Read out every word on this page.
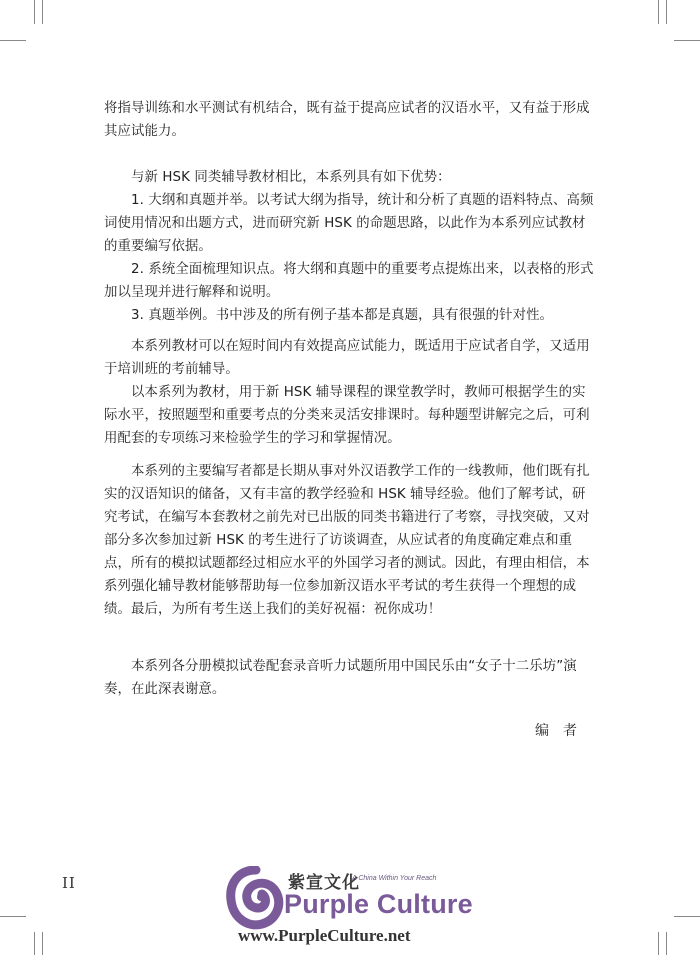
将指导训练和水平测试有机结合，既有益于提高应试者的汉语水平，又有益于形成其应试能力。

与新 HSK 同类辅导教材相比，本系列具有如下优势：

1. 大纲和真题并举。以考试大纲为指导，统计和分析了真题的语料特点、高频词使用情况和出题方式，进而研究新 HSK 的命题思路，以此作为本系列应试教材的重要编写依据。

2. 系统全面梳理知识点。将大纲和真题中的重要考点提炼出来，以表格的形式加以呈现并进行解释和说明。

3. 真题举例。书中涉及的所有例子基本都是真题，具有很强的针对性。

本系列教材可以在短时间内有效提高应试能力，既适用于应试者自学，又适用于培训班的考前辅导。

以本系列为教材，用于新 HSK 辅导课程的课堂教学时，教师可根据学生的实际水平，按照题型和重要考点的分类来灵活安排课时。每种题型讲解完之后，可利用配套的专项练习来检验学生的学习和掌握情况。

本系列的主要编写者都是长期从事对外汉语教学工作的一线教师，他们既有扎实的汉语知识的储备，又有丰富的教学经验和 HSK 辅导经验。他们了解考试，研究考试，在编写本套教材之前先对已出版的同类书籍进行了考察，寻找突破，又对部分多次参加过新 HSK 的考生进行了访谈调查，从应试者的角度确定难点和重点，所有的模拟试题都经过相应水平的外国学习者的测试。因此，有理由相信，本系列强化辅导教材能够帮助每一位参加新汉语水平考试的考生获得一个理想的成绩。最后，为所有考生送上我们的美好祝福：祝你成功！

本系列各分册模拟试卷配套录音听力试题所用中国民乐由“女子十二乐坊”演奏，在此深表谢意。

编者
II	紫宣文化
A China Within Your Reach
Purple Culture
www.PurpleCulture.net
